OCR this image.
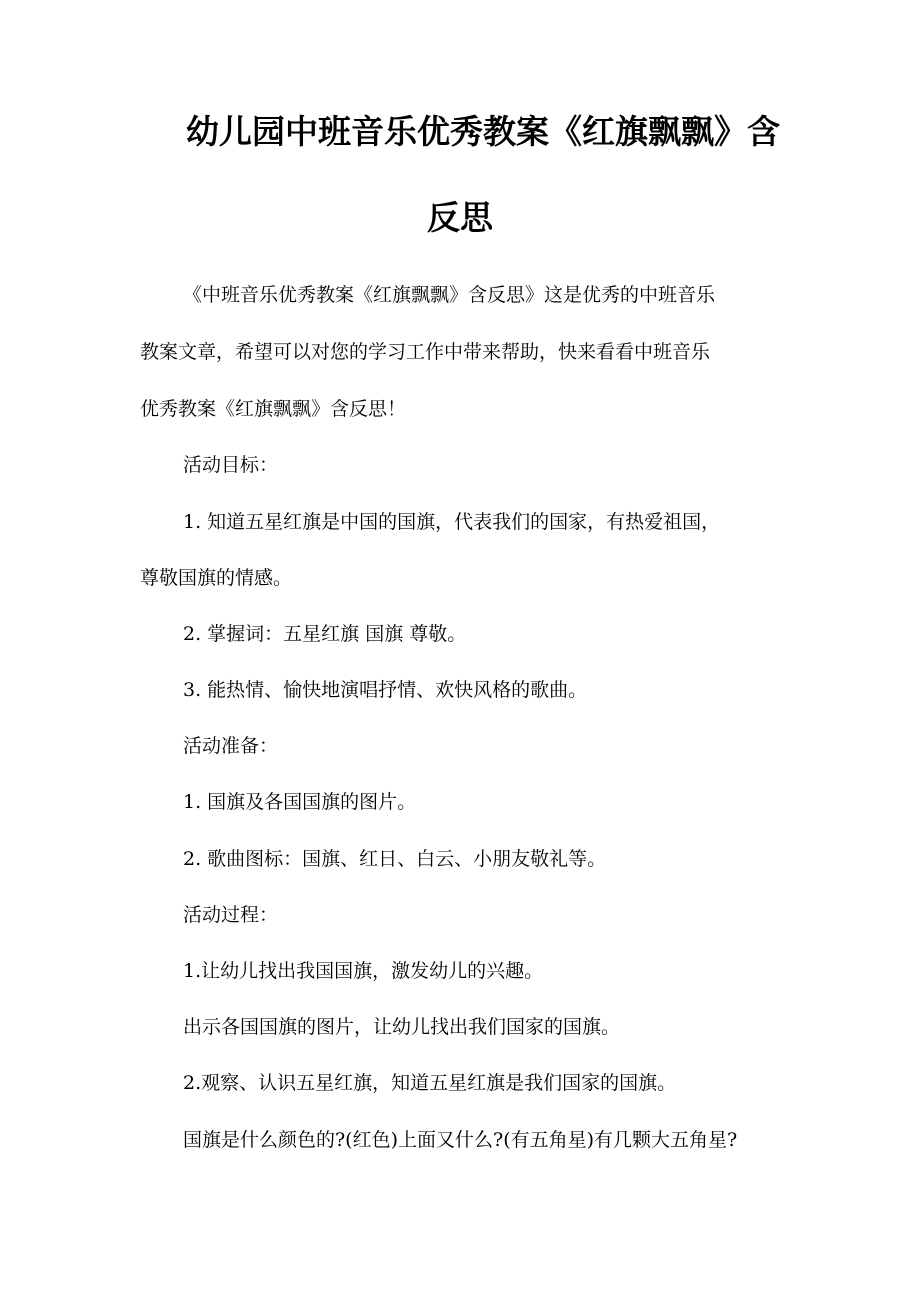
幼儿园中班音乐优秀教案《红旗飘飘》含
反思

《中班音乐优秀教案《红旗飘飘》含反思》这是优秀的中班音乐

教案文章，希望可以对您的学习工作中带来帮助，快来看看中班音乐

优秀教案《红旗飘飘》含反思！

活动目标：

1. 知道五星红旗是中国的国旗，代表我们的国家，有热爱祖国，

尊敬国旗的情感。

2. 掌握词：五星红旗 国旗 尊敬。

3. 能热情、愉快地演唱抒情、欢快风格的歌曲。

活动准备：

1. 国旗及各国国旗的图片。

2. 歌曲图标：国旗、红日、白云、小朋友敬礼等。

活动过程：

1.让幼儿找出我国国旗，激发幼儿的兴趣。

出示各国国旗的图片，让幼儿找出我们国家的国旗。

2.观察、认识五星红旗，知道五星红旗是我们国家的国旗。

国旗是什么颜色的?(红色)上面又什么?(有五角星)有几颗大五角星?
